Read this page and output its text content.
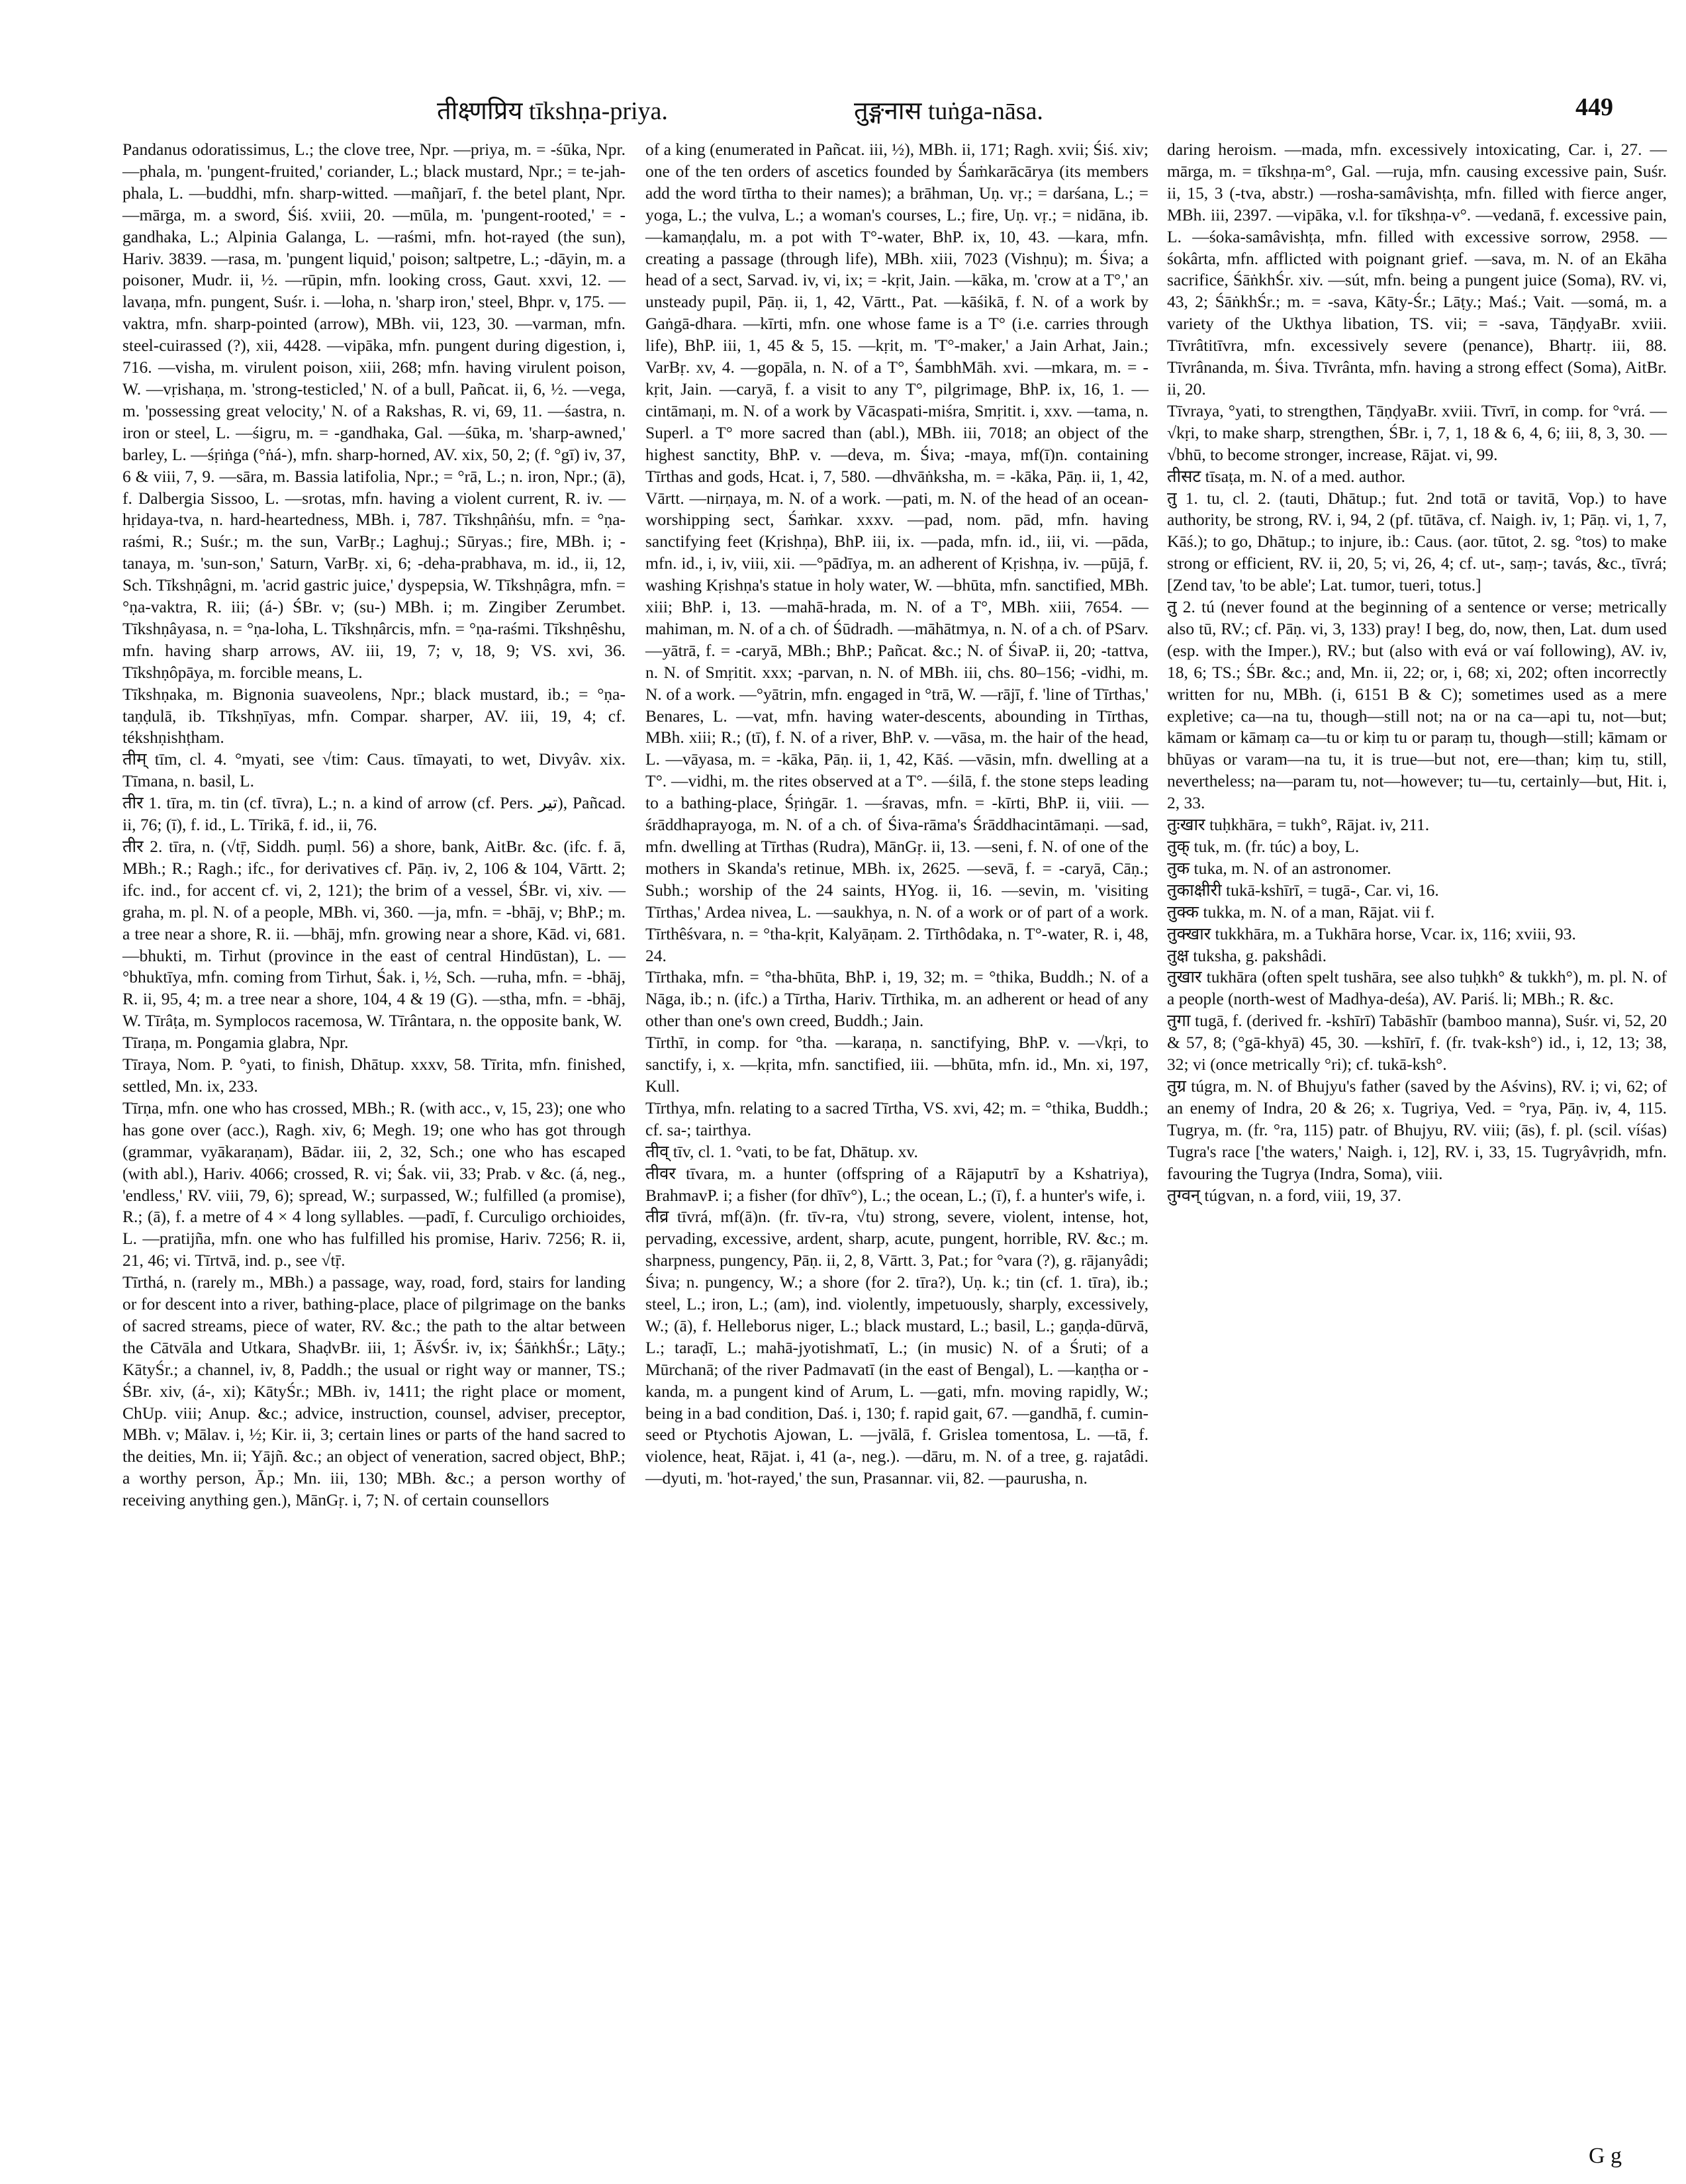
तीक्ष्णप्रिय tīkshṇa-priya.	तुङ्गनास tuṅga-nāsa.	449

Pandanus odoratissimus, L.; the clove tree, Npr. —priya, m. = -śūka, Npr. —phala, m. 'pungent-fruited,' coriander, L.; black mustard, Npr.; = te-jah-phala, L. —buddhi, mfn. sharp-witted. —mañjarī, f. the betel plant, Npr. —mārga, m. a sword, Śiś. xviii, 20. —mūla, m. 'pungent-rooted,' = -gandhaka, L.; Alpinia Galanga, L. —raśmi, mfn. hot-rayed (the sun), Hariv. 3839. —rasa, m. 'pungent liquid,' poison; saltpetre, L.; -dāyin, m. a poisoner, Mudr. ii, ½. —rūpin, mfn. looking cross, Gaut. xxvi, 12. —lavaṇa, mfn. pungent, Suśr. i. —loha, n. 'sharp iron,' steel, Bhpr. v, 175. —vaktra, mfn. sharp-pointed (arrow), MBh. vii, 123, 30. —varman, mfn. steel-cuirassed (?), xii, 4428. —vipāka, mfn. pungent during digestion, i, 716. —visha, m. virulent poison, xiii, 268; mfn. having virulent poison, W. —vṛishaṇa, m. 'strong-testicled,' N. of a bull, Pañcat. ii, 6, ½. —vega, m. 'possessing great velocity,' N. of a Rakshas, R. vi, 69, 11. —śastra, n. iron or steel, L. —śigru, m. = -gandhaka, Gal. —śūka, m. 'sharp-awned,' barley, L. —śṛiṅga (°ṅá-), mfn. sharp-horned, AV. xix, 50, 2; (f. °gī) iv, 37, 6 & viii, 7, 9. —sāra, m. Bassia latifolia, Npr.; = °rā, L.; n. iron, Npr.; (ā), f. Dalbergia Sissoo, L. —srotas, mfn. having a violent current, R. iv. —hṛidaya-tva, n. hard-heartedness, MBh. i, 787. Tīkshṇâṅśu, mfn. = °ṇa-raśmi, R.; Suśr.; m. the sun, VarBṛ.; Laghuj.; Sūryas.; fire, MBh. i; -tanaya, m. 'sun-son,' Saturn, VarBṛ. xi, 6; -deha-prabhava, m. id., ii, 12, Sch. Tīkshṇâgni, m. 'acrid gastric juice,' dyspepsia, W. Tīkshṇâgra, mfn. = °ṇa-vaktra, R. iii; (á-) ŚBr. v; (su-) MBh. i; m. Zingiber Zerumbet. Tīkshṇâyasa, n. = °ṇa-loha, L. Tīkshṇârcis, mfn. = °ṇa-raśmi. Tīkshṇêshu, mfn. having sharp arrows, AV. iii, 19, 7; v, 18, 9; VS. xvi, 36. Tīkshṇôpāya, m. forcible means, L.

Tīkshṇaka, m. Bignonia suaveolens, Npr.; black mustard, ib.; = °ṇa-taṇḍulā, ib. Tīkshṇīyas, mfn. Compar. sharper, AV. iii, 19, 4; cf. tékshṇishṭham.

तीम् tīm, cl. 4. °myati, see √tim: Caus. tīmayati, to wet, Divyâv. xix. Tīmana, n. basil, L.

तीर 1. tīra, m. tin (cf. tīvra), L.; n. a kind of arrow (cf. Pers. تیر), Pañcad. ii, 76; (ī), f. id., L. Tīrikā, f. id., ii, 76.

तीर 2. tīra, n. (√tṝ, Siddh. puṃl. 56) a shore, bank, AitBr. &c. (ifc. f. ā, MBh.; R.; Ragh.; ifc., for derivatives cf. Pāṇ. iv, 2, 106 & 104, Vārtt. 2; ifc. ind., for accent cf. vi, 2, 121); the brim of a vessel, ŚBr. vi, xiv. —graha, m. pl. N. of a people, MBh. vi, 360. —ja, mfn. = -bhāj, v; BhP.; m. a tree near a shore, R. ii. —bhāj, mfn. growing near a shore, Kād. vi, 681. —bhukti, m. Tirhut (province in the east of central Hindūstan), L. —°bhuktīya, mfn. coming from Tirhut, Śak. i, ½, Sch. —ruha, mfn. = -bhāj, R. ii, 95, 4; m. a tree near a shore, 104, 4 & 19 (G). —stha, mfn. = -bhāj, W. Tīrâṭa, m. Symplocos racemosa, W. Tīrântara, n. the opposite bank, W.

Tīraṇa, m. Pongamia glabra, Npr.

Tīraya, Nom. P. °yati, to finish, Dhātup. xxxv, 58. Tīrita, mfn. finished, settled, Mn. ix, 233.

Tīrṇa, mfn. one who has crossed, MBh.; R. (with acc., v, 15, 23); one who has gone over (acc.), Ragh. xiv, 6; Megh. 19; one who has got through (grammar, vyākaraṇam), Bādar. iii, 2, 32, Sch.; one who has escaped (with abl.), Hariv. 4066; crossed, R. vi; Śak. vii, 33; Prab. v &c. (á, neg., 'endless,' RV. viii, 79, 6); spread, W.; surpassed, W.; fulfilled (a promise), R.; (ā), f. a metre of 4 × 4 long syllables. —padī, f. Curculigo orchioides, L. —pratijña, mfn. one who has fulfilled his promise, Hariv. 7256; R. ii, 21, 46; vi. Tīrtvā, ind. p., see √tṝ.

Tīrthá, n. (rarely m., MBh.) a passage, way, road, ford, stairs for landing or for descent into a river, bathing-place, place of pilgrimage on the banks of sacred streams, piece of water, RV. &c.; the path to the altar between the Cātvāla and Utkara, ShaḍvBr. iii, 1; ĀśvŚr. iv, ix; ŚāṅkhŚr.; Lāṭy.; KātyŚr.; a channel, iv, 8, Paddh.; the usual or right way or manner, TS.; ŚBr. xiv, (á-, xi); KātyŚr.; MBh. iv, 1411; the right place or moment, ChUp. viii; Anup. &c.; advice, instruction, counsel, adviser, preceptor, MBh. v; Mālav. i, ½; Kir. ii, 3; certain lines or parts of the hand sacred to the deities, Mn. ii; Yājñ. &c.; an object of veneration, sacred object, BhP.; a worthy person, Āp.; Mn. iii, 130; MBh. &c.; a person worthy of receiving anything gen.), MānGṛ. i, 7; N. of certain counsellors

of a king (enumerated in Pañcat. iii, ½), MBh. ii, 171; Ragh. xvii; Śiś. xiv; one of the ten orders of ascetics founded by Śaṁkarācārya (its members add the word tīrtha to their names); a brāhman, Uṇ. vṛ.; = darśana, L.; = yoga, L.; the vulva, L.; a woman's courses, L.; fire, Uṇ. vṛ.; = nidāna, ib. —kamaṇḍalu, m. a pot with T°-water, BhP. ix, 10, 43. —kara, mfn. creating a passage (through life), MBh. xiii, 7023 (Vishṇu); m. Śiva; a head of a sect, Sarvad. iv, vi, ix; = -kṛit, Jain. —kāka, m. 'crow at a T°,' an unsteady pupil, Pāṇ. ii, 1, 42, Vārtt., Pat. —kāśikā, f. N. of a work by Gaṅgā-dhara. —kīrti, mfn. one whose fame is a T° (i.e. carries through life), BhP. iii, 1, 45 & 5, 15. —kṛit, m. 'T°-maker,' a Jain Arhat, Jain.; VarBṛ. xv, 4. —gopāla, n. N. of a T°, ŚambhMāh. xvi. —mkara, m. = -kṛit, Jain. —caryā, f. a visit to any T°, pilgrimage, BhP. ix, 16, 1. —cintāmaṇi, m. N. of a work by Vācaspati-miśra, Smṛitit. i, xxv. —tama, n. Superl. a T° more sacred than (abl.), MBh. iii, 7018; an object of the highest sanctity, BhP. v. —deva, m. Śiva; -maya, mf(ī)n. containing Tīrthas and gods, Hcat. i, 7, 580. —dhvāṅksha, m. = -kāka, Pāṇ. ii, 1, 42, Vārtt. —nirṇaya, m. N. of a work. —pati, m. N. of the head of an ocean-worshipping sect, Śaṁkar. xxxv. —pad, nom. pād, mfn. having sanctifying feet (Kṛishṇa), BhP. iii, ix. —pada, mfn. id., iii, vi. —pāda, mfn. id., i, iv, viii, xii. —°pādīya, m. an adherent of Kṛishṇa, iv. —pūjā, f. washing Kṛishṇa's statue in holy water, W. —bhūta, mfn. sanctified, MBh. xiii; BhP. i, 13. —mahā-hrada, m. N. of a T°, MBh. xiii, 7654. —mahiman, m. N. of a ch. of Śūdradh. —māhātmya, n. N. of a ch. of PSarv. —yātrā, f. = -caryā, MBh.; BhP.; Pañcat. &c.; N. of ŚivaP. ii, 20; -tattva, n. N. of Smṛitit. xxx; -parvan, n. N. of MBh. iii, chs. 80–156; -vidhi, m. N. of a work. —°yātrin, mfn. engaged in °trā, W. —rājī, f. 'line of Tīrthas,' Benares, L. —vat, mfn. having water-descents, abounding in Tīrthas, MBh. xiii; R.; (tī), f. N. of a river, BhP. v. —vāsa, m. the hair of the head, L. —vāyasa, m. = -kāka, Pāṇ. ii, 1, 42, Kāś. —vāsin, mfn. dwelling at a T°. —vidhi, m. the rites observed at a T°. —śilā, f. the stone steps leading to a bathing-place, Śṛiṅgār. 1. —śravas, mfn. = -kīrti, BhP. ii, viii. —śrāddhaprayoga, m. N. of a ch. of Śiva-rāma's Śrāddhacintāmaṇi. —sad, mfn. dwelling at Tīrthas (Rudra), MānGṛ. ii, 13. —seni, f. N. of one of the mothers in Skanda's retinue, MBh. ix, 2625. —sevā, f. = -caryā, Cāṇ.; Subh.; worship of the 24 saints, HYog. ii, 16. —sevin, m. 'visiting Tīrthas,' Ardea nivea, L. —saukhya, n. N. of a work or of part of a work. Tīrthêśvara, n. = °tha-kṛit, Kalyāṇam. 2. Tīrthôdaka, n. T°-water, R. i, 48, 24.

Tīrthaka, mfn. = °tha-bhūta, BhP. i, 19, 32; m. = °thika, Buddh.; N. of a Nāga, ib.; n. (ifc.) a Tīrtha, Hariv. Tīrthika, m. an adherent or head of any other than one's own creed, Buddh.; Jain.

Tīrthī, in comp. for °tha. —karaṇa, n. sanctifying, BhP. v. —√kṛi, to sanctify, i, x. —kṛita, mfn. sanctified, iii. —bhūta, mfn. id., Mn. xi, 197, Kull.

Tīrthya, mfn. relating to a sacred Tīrtha, VS. xvi, 42; m. = °thika, Buddh.; cf. sa-; tairthya.

तीव् tīv, cl. 1. °vati, to be fat, Dhātup. xv.

तीवर tīvara, m. a hunter (offspring of a Rājaputrī by a Kshatriya), BrahmavP. i; a fisher (for dhīv°), L.; the ocean, L.; (ī), f. a hunter's wife, i.

तीव्र tīvrá, mf(ā)n. (fr. tīv-ra, √tu) strong, severe, violent, intense, hot, pervading, excessive, ardent, sharp, acute, pungent, horrible, RV. &c.; m. sharpness, pungency, Pāṇ. ii, 2, 8, Vārtt. 3, Pat.; for °vara (?), g. rājanyâdi; Śiva; n. pungency, W.; a shore (for 2. tīra?), Uṇ. k.; tin (cf. 1. tīra), ib.; steel, L.; iron, L.; (am), ind. violently, impetuously, sharply, excessively, W.; (ā), f. Helleborus niger, L.; black mustard, L.; basil, L.; gaṇḍa-dūrvā, L.; taraḍī, L.; mahā-jyotishmatī, L.; (in music) N. of a Śruti; of a Mūrchanā; of the river Padmavatī (in the east of Bengal), L. —kaṇṭha or -kanda, m. a pungent kind of Arum, L. —gati, mfn. moving rapidly, W.; being in a bad condition, Daś. i, 130; f. rapid gait, 67. —gandhā, f. cumin-seed or Ptychotis Ajowan, L. —jvālā, f. Grislea tomentosa, L. —tā, f. violence, heat, Rājat. i, 41 (a-, neg.). —dāru, m. N. of a tree, g. rajatâdi. —dyuti, m. 'hot-rayed,' the sun, Prasannar. vii, 82. —paurusha, n.

daring heroism. —mada, mfn. excessively intoxicating, Car. i, 27. —mārga, m. = tīkshṇa-m°, Gal. —ruja, mfn. causing excessive pain, Suśr. ii, 15, 3 (-tva, abstr.) —rosha-samâvishṭa, mfn. filled with fierce anger, MBh. iii, 2397. —vipāka, v.l. for tīkshṇa-v°. —vedanā, f. excessive pain, L. —śoka-samâvishṭa, mfn. filled with excessive sorrow, 2958. —śokârta, mfn. afflicted with poignant grief. —sava, m. N. of an Ekāha sacrifice, ŚāṅkhŚr. xiv. —sút, mfn. being a pungent juice (Soma), RV. vi, 43, 2; ŚāṅkhŚr.; m. = -sava, Kāty-Śr.; Lāṭy.; Maś.; Vait. —somá, m. a variety of the Ukthya libation, TS. vii; = -sava, TāṇḍyaBr. xviii. Tīvrâtitīvra, mfn. excessively severe (penance), Bhartṛ. iii, 88. Tīvrânanda, m. Śiva. Tīvrânta, mfn. having a strong effect (Soma), AitBr. ii, 20.

Tīvraya, °yati, to strengthen, TāṇḍyaBr. xviii. Tīvrī, in comp. for °vrá. —√kṛi, to make sharp, strengthen, ŚBr. i, 7, 1, 18 & 6, 4, 6; iii, 8, 3, 30. —√bhū, to become stronger, increase, Rājat. vi, 99.

तीसट tīsaṭa, m. N. of a med. author.

तु 1. tu, cl. 2. (tauti, Dhātup.; fut. 2nd totā or tavitā, Vop.) to have authority, be strong, RV. i, 94, 2 (pf. tūtāva, cf. Naigh. iv, 1; Pāṇ. vi, 1, 7, Kāś.); to go, Dhātup.; to injure, ib.: Caus. (aor. tūtot, 2. sg. °tos) to make strong or efficient, RV. ii, 20, 5; vi, 26, 4; cf. ut-, saṃ-; tavás, &c., tīvrá; [Zend tav, 'to be able'; Lat. tumor, tueri, totus.]

तु 2. tú (never found at the beginning of a sentence or verse; metrically also tū, RV.; cf. Pāṇ. vi, 3, 133) pray! I beg, do, now, then, Lat. dum used (esp. with the Imper.), RV.; but (also with evá or vaí following), AV. iv, 18, 6; TS.; ŚBr. &c.; and, Mn. ii, 22; or, i, 68; xi, 202; often incorrectly written for nu, MBh. (i, 6151 B & C); sometimes used as a mere expletive; ca—na tu, though—still not; na or na ca—api tu, not—but; kāmam or kāmaṃ ca—tu or kiṃ tu or paraṃ tu, though—still; kāmam or bhūyas or varam—na tu, it is true—but not, ere—than; kiṃ tu, still, nevertheless; na—param tu, not—however; tu—tu, certainly—but, Hit. i, 2, 33.

तुःखार tuḥkhāra, = tukh°, Rājat. iv, 211.

तुक् tuk, m. (fr. túc) a boy, L.

तुक tuka, m. N. of an astronomer.

तुकाक्षीरी tukā-kshīrī, = tugā-, Car. vi, 16.

तुक्क tukka, m. N. of a man, Rājat. vii f.

तुक्खार tukkhāra, m. a Tukhāra horse, Vcar. ix, 116; xviii, 93.

तुक्ष tuksha, g. pakshâdi.

तुखार tukhāra (often spelt tushāra, see also tuḥkh° & tukkh°), m. pl. N. of a people (north-west of Madhya-deśa), AV. Pariś. li; MBh.; R. &c.

तुगा tugā, f. (derived fr. -kshīrī) Tabāshīr (bamboo manna), Suśr. vi, 52, 20 & 57, 8; (°gā-khyā) 45, 30. —kshīrī, f. (fr. tvak-ksh°) id., i, 12, 13; 38, 32; vi (once metrically °ri); cf. tukā-ksh°.

तुग्र túgra, m. N. of Bhujyu's father (saved by the Aśvins), RV. i; vi, 62; of an enemy of Indra, 20 & 26; x. Tugriya, Ved. = °rya, Pāṇ. iv, 4, 115. Tugrya, m. (fr. °ra, 115) patr. of Bhujyu, RV. viii; (ās), f. pl. (scil. víśas) Tugra's race ['the waters,' Naigh. i, 12], RV. i, 33, 15. Tugryâvṛidh, mfn. favouring the Tugrya (Indra, Soma), viii.

तुग्वन् túgvan, n. a ford, viii, 19, 37.

G g
